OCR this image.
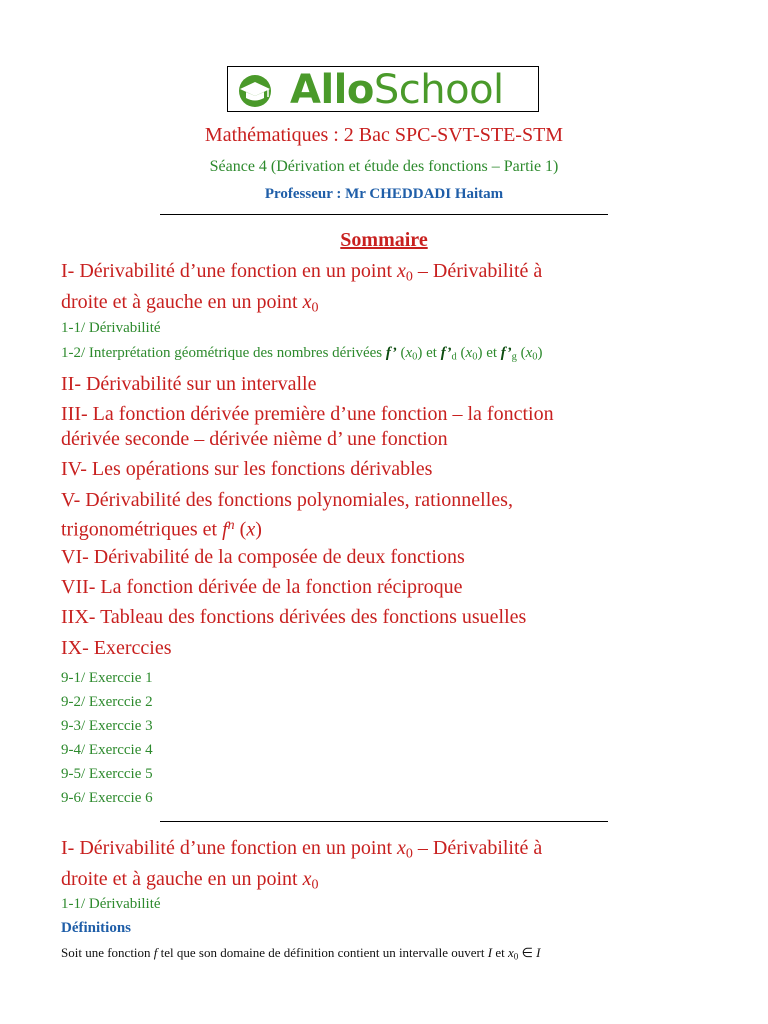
AlloSchool
Mathématiques : 2 Bac SPC-SVT-STE-STM
Séance 4 (Dérivation et étude des fonctions – Partie 1)
Professeur : Mr CHEDDADI Haitam
Sommaire
I- Dérivabilité d’une fonction en un point $x_0$ – Dérivabilité à
droite et à gauche en un point $x_0$
1-1/ Dérivabilité
1-2/ Interprétation géométrique des nombres dérivées f’ $(x_0)$ et $f’_d$ $(x_0)$ et $f’_g$ $(x_0)$
II- Dérivabilité sur un intervalle
III- La fonction dérivée première d’une fonction – la fonction
dérivée seconde – dérivée nième d’ une fonction
IV- Les opérations sur les fonctions dérivables
V- Dérivabilité des fonctions polynomiales, rationnelles,
trigonométriques et $f^n$ (x)
VI- Dérivabilité de la composée de deux fonctions
VII- La fonction dérivée de la fonction réciproque
IIX- Tableau des fonctions dérivées des fonctions usuelles
IX- Exerccies
9-1/ Exerccie 1
9-2/ Exerccie 2
9-3/ Exerccie 3
9-4/ Exerccie 4
9-5/ Exerccie 5
9-6/ Exerccie 6
I- Dérivabilité d’une fonction en un point $x_0$ – Dérivabilité à
droite et à gauche en un point $x_0$
1-1/ Dérivabilité
Définitions
Soit une fonction f tel que son domaine de définition contient un intervalle ouvert I et $x_0$ ∈ I
